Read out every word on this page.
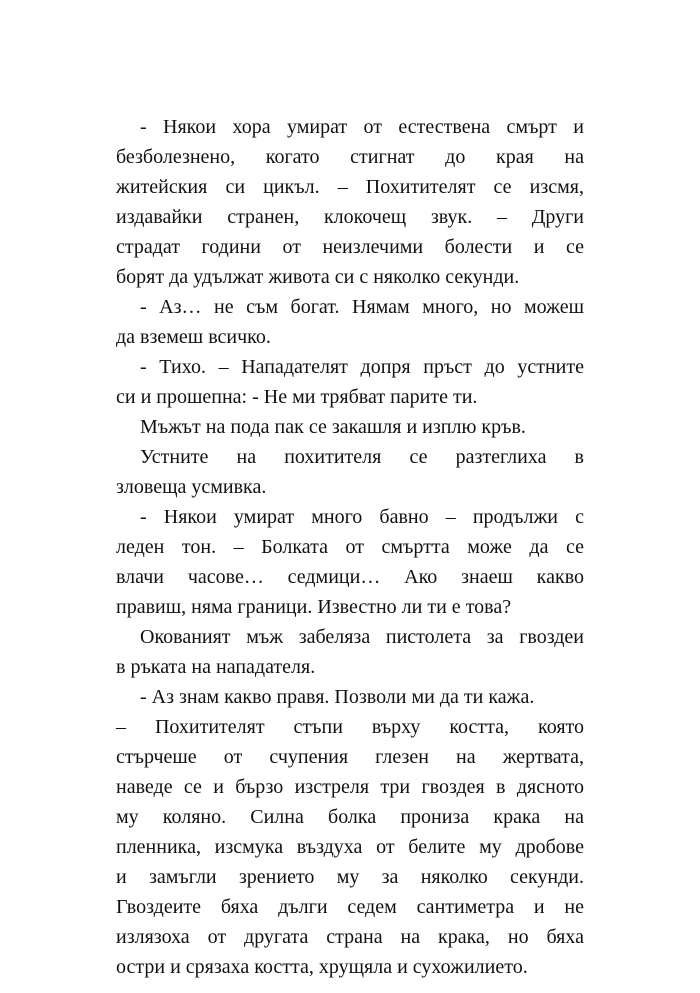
- Някои хора умират от естествена смърт и
безболезнено, когато стигнат до края на
житейския си цикъл. – Похитителят се изсмя,
издавайки странен, клокочещ звук. – Други
страдат години от неизлечими болести и се
борят да удължат живота си с няколко секунди.
- Аз… не съм богат. Нямам много, но можеш
да вземеш всичко.
- Тихо. – Нападателят допря пръст до устните
си и прошепна: - Не ми трябват парите ти.
Мъжът на пода пак се закашля и изплю кръв.
Устните на похитителя се разтеглиха в
зловеща усмивка.
- Някои умират много бавно – продължи с
леден тон. – Болката от смъртта може да се
влачи часове… седмици… Ако знаеш какво
правиш, няма граници. Известно ли ти е това?
Окованият мъж забеляза пистолета за гвоздеи
в ръката на нападателя.
- Аз знам какво правя. Позволи ми да ти кажа.
– Похитителят стъпи върху костта, която
стърчеше от счупения глезен на жертвата,
наведе се и бързо изстреля три гвоздея в дясното
му коляно. Силна болка прониза крака на
пленника, изсмука въздуха от белите му дробове
и замъгли зрението му за няколко секунди.
Гвоздеите бяха дълги седем сантиметра и не
излязоха от другата страна на крака, но бяха
остри и срязаха костта, хрущяла и сухожилието.
